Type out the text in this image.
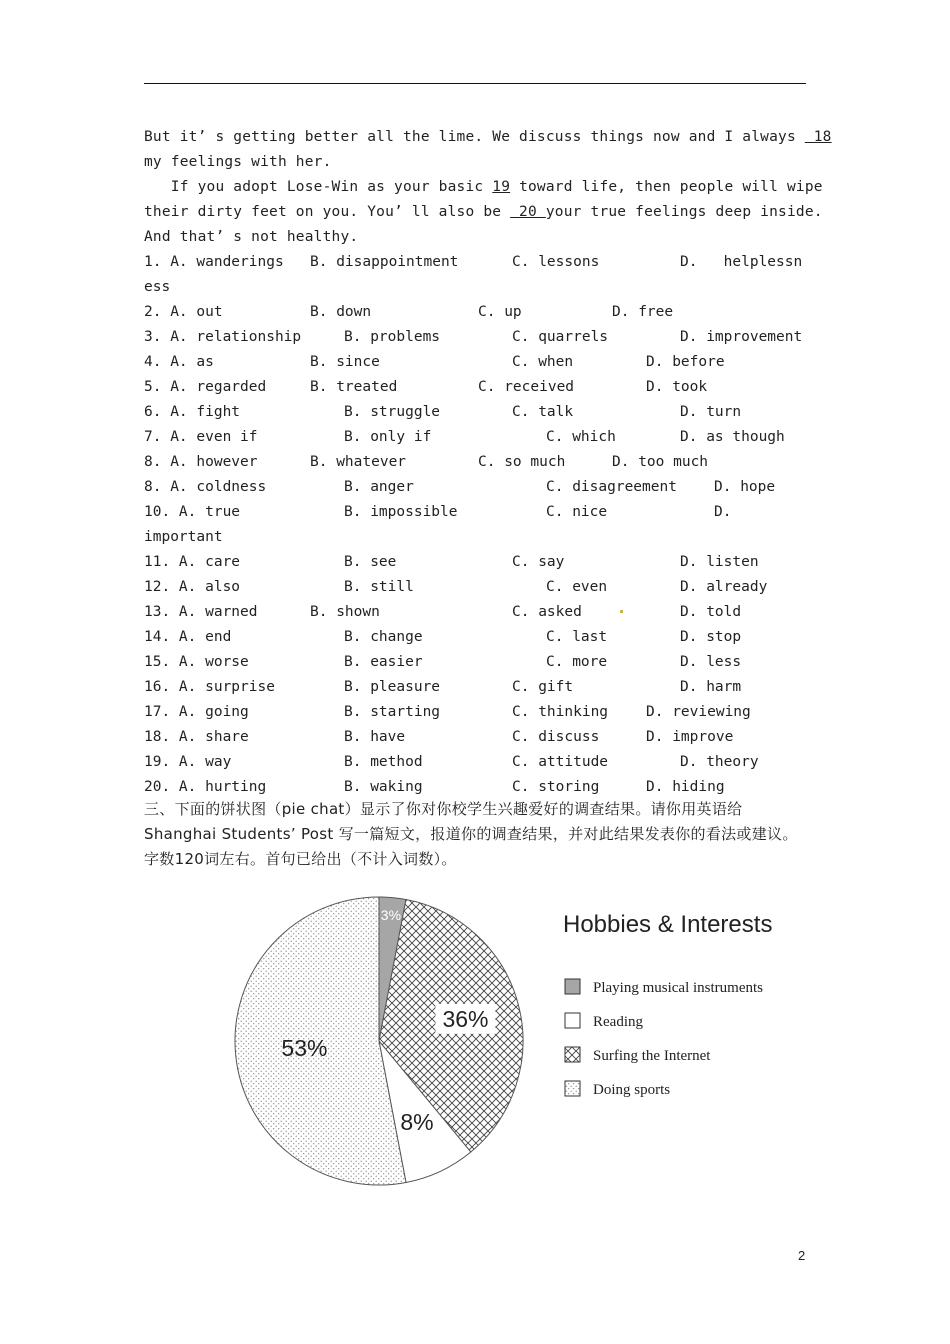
But it’ s getting better all the lime. We discuss things now and I always  18
my feelings with her.
If you adopt Lose-Win as your basic 19 toward life, then people will wipe
their dirty feet on you. You’ ll also be  20 your true feelings deep inside.
And that’ s not healthy.
1. A. wanderings B. disappointment	C. lessons	D.   helplessn
ess
2. A. out	B. down	C. up	D. free
3. A. relationship	B. problems	C. quarrels	D. improvement
4. A. as	B. since	C. when	D. before
5. A. regarded	B. treated	C. received	D. took
6. A. fight	B. struggle	C. talk	D. turn
7. A. even if	B. only if	C. which	D. as though
8. A. however	B. whatever	C. so much	D. too much
8. A. coldness	B. anger	C. disagreement	D. hope
10. A. true	B. impossible	C. nice	D.
important
11. A. care	B. see	C. say	D. listen
12. A. also	B. still	C. even	D. already
13. A. warned	B. shown	C. asked	D. told
14. A. end	B. change	C. last	D. stop
15. A. worse	B. easier	C. more	D. less
16. A. surprise	B. pleasure	C. gift	D. harm
17. A. going	B. starting	C. thinking	D. reviewing
18. A. share	B. have	C. discuss	D. improve
19. A. way	B. method	C. attitude	D. theory
20. A. hurting	B. waking	C. storing	D. hiding
三、下面的饼状图（pie chat）显示了你对你校学生兴趣爱好的调查结果。请你用英语给
Shanghai Students’ Post 写一篇短文，报道你的调查结果，并对此结果发表你的看法或建议。
字数120词左右。首句已给出（不计入词数）。
3%
36%
8%
53%
Hobbies & Interests
Playing musical instruments
Reading
Surfing the Internet
Doing sports
2
